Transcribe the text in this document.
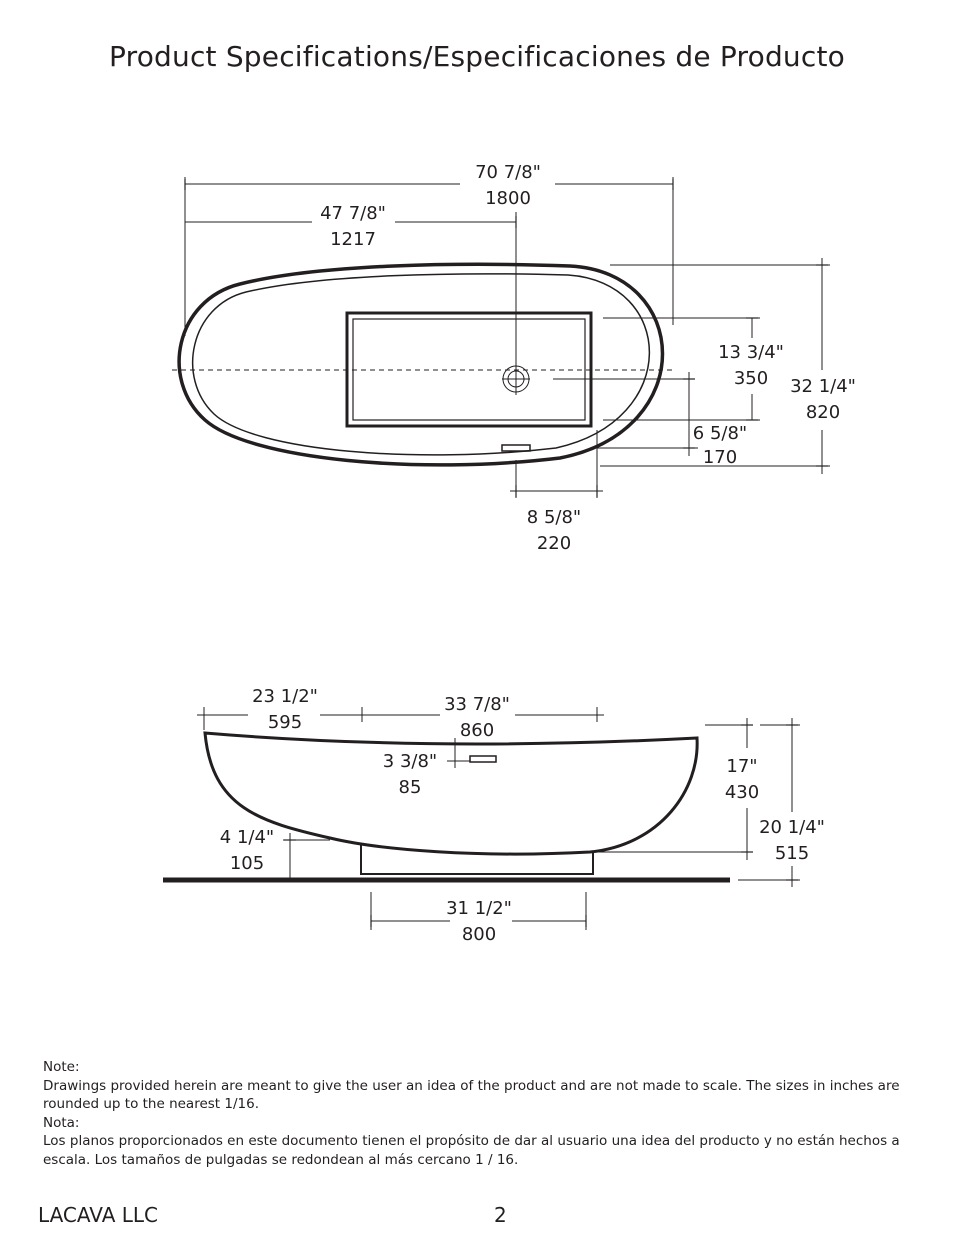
Product Specifications/Especificaciones de Producto
70 7/8"
1800
47 7/8"
1217
13 3/4"
350 32 1/4"
820
6 5/8"
170
8 5/8"
220
23 1/2"
595
33 7/8"
860
3 3/8"
85
17"
430
20 1/4"
515
4 1/4"
105
31 1/2"
800
Note:
Drawings provided herein are meant to give the user an idea of the product and are not made to scale. The sizes in inches are rounded up to the nearest 1/16.
Nota:
Los planos proporcionados en este documento tienen el propósito de dar al usuario una idea del producto y no están hechos a escala. Los tamaños de pulgadas se redondean al más cercano 1 / 16.
LACAVA LLC	2
